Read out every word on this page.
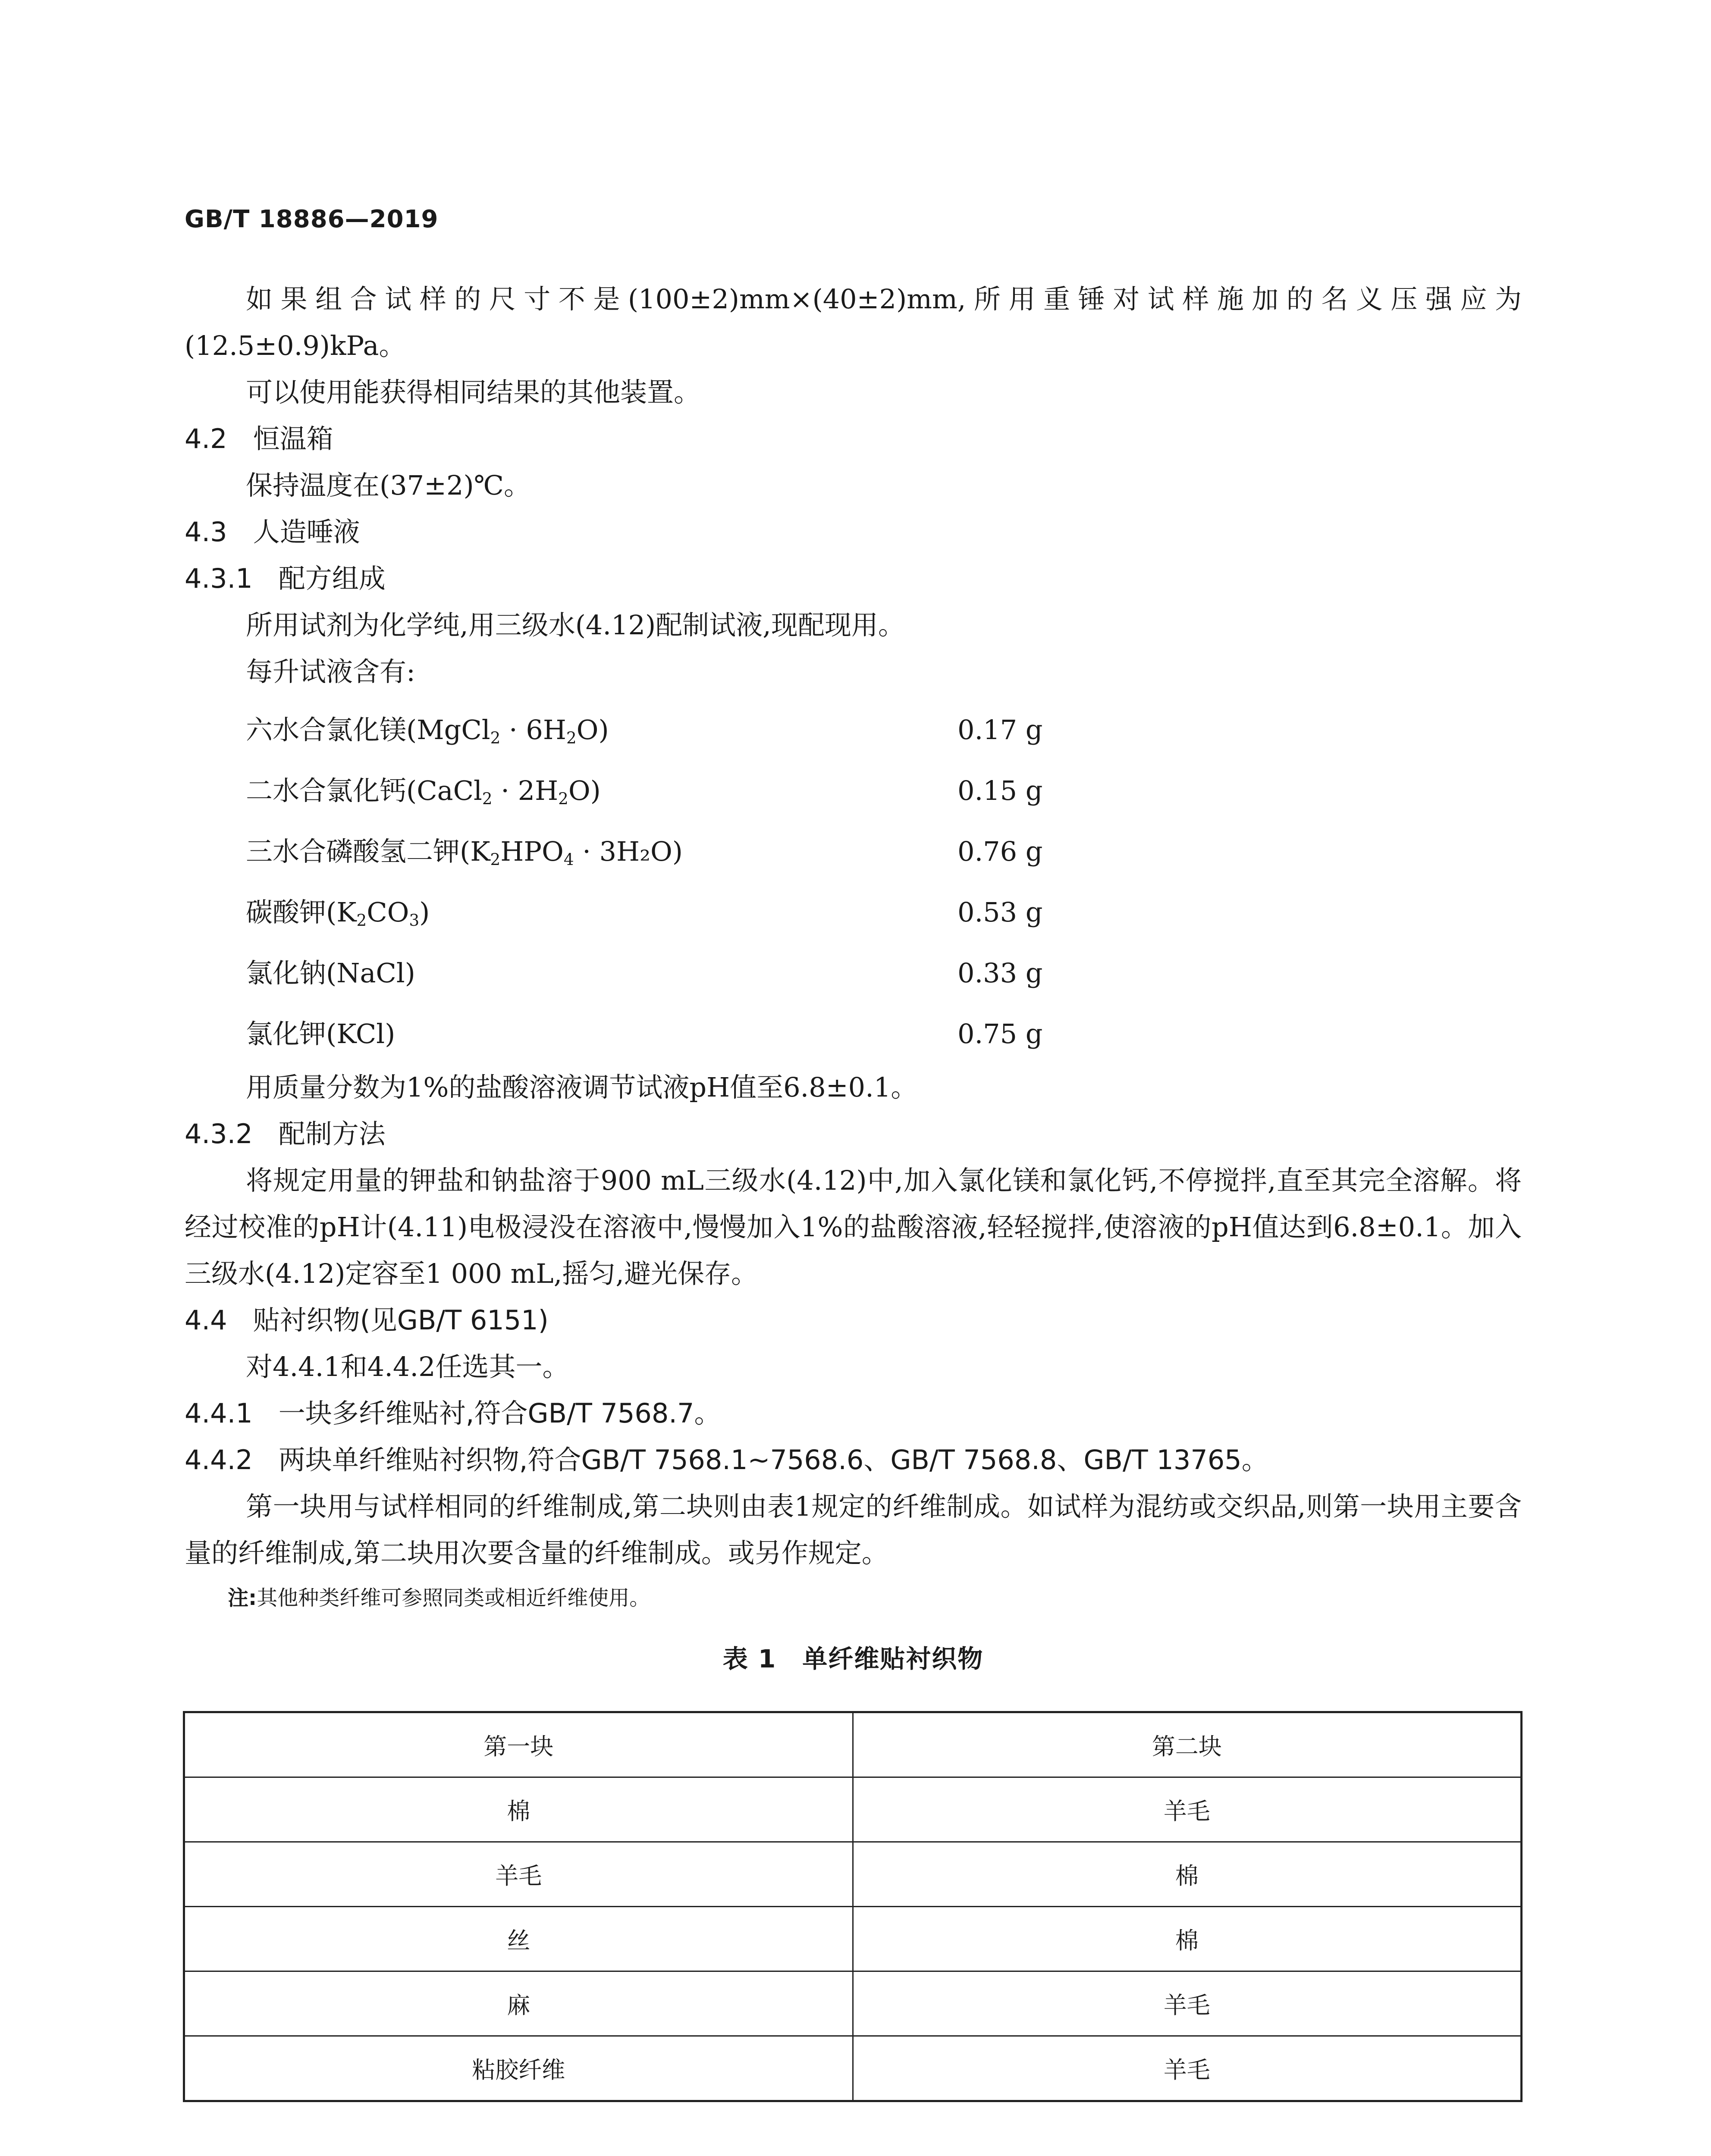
GB/T 18886—2019

如果组合试样的尺寸不是(100±2)mm×(40±2)mm,所用重锤对试样施加的名义压强应为(12.5±0.9)kPa。

可以使用能获得相同结果的其他装置。

4.2 恒温箱

保持温度在(37±2)℃。

4.3 人造唾液

4.3.1 配方组成

所用试剂为化学纯,用三级水(4.12)配制试液,现配现用。

每升试液含有:

六水合氯化镁(MgCl$_2$ · $6H_2O$)	0.17 g
二水合氯化钙(CaCl$_2$ · $2H_2O$)	0.15 g
三水合磷酸氢二钾$(K_2HPO_4 \cdot 3H_2O)$	0.76 g
碳酸钾$(K_2CO_3)$	0.53 g
氯化钠(NaCl)	0.33 g
氯化钾(KCl)	0.75 g

用质量分数为1%的盐酸溶液调节试液pH值至6.8±0.1。

4.3.2 配制方法

将规定用量的钾盐和钠盐溶于900 mL三级水(4.12)中,加入氯化镁和氯化钙,不停搅拌,直至其完全溶解。将经过校准的pH计(4.11)电极浸没在溶液中,慢慢加入1%的盐酸溶液,轻轻搅拌,使溶液的pH值达到6.8±0.1。加入三级水(4.12)定容至1 000 mL,摇匀,避光保存。

4.4 贴衬织物(见GB/T 6151)

对4.4.1和4.4.2任选其一。

4.4.1 一块多纤维贴衬,符合GB/T 7568.7。

4.4.2 两块单纤维贴衬织物,符合GB/T 7568.1~7568.6、GB/T 7568.8、GB/T 13765。

第一块用与试样相同的纤维制成,第二块则由表1规定的纤维制成。如试样为混纺或交织品,则第一块用主要含量的纤维制成,第二块用次要含量的纤维制成。或另作规定。

注:其他种类纤维可参照同类或相近纤维使用。

表 1 单纤维贴衬织物
第一块	第二块
棉	羊毛
羊毛	棉
丝	棉
麻	羊毛
粘胶纤维	羊毛
